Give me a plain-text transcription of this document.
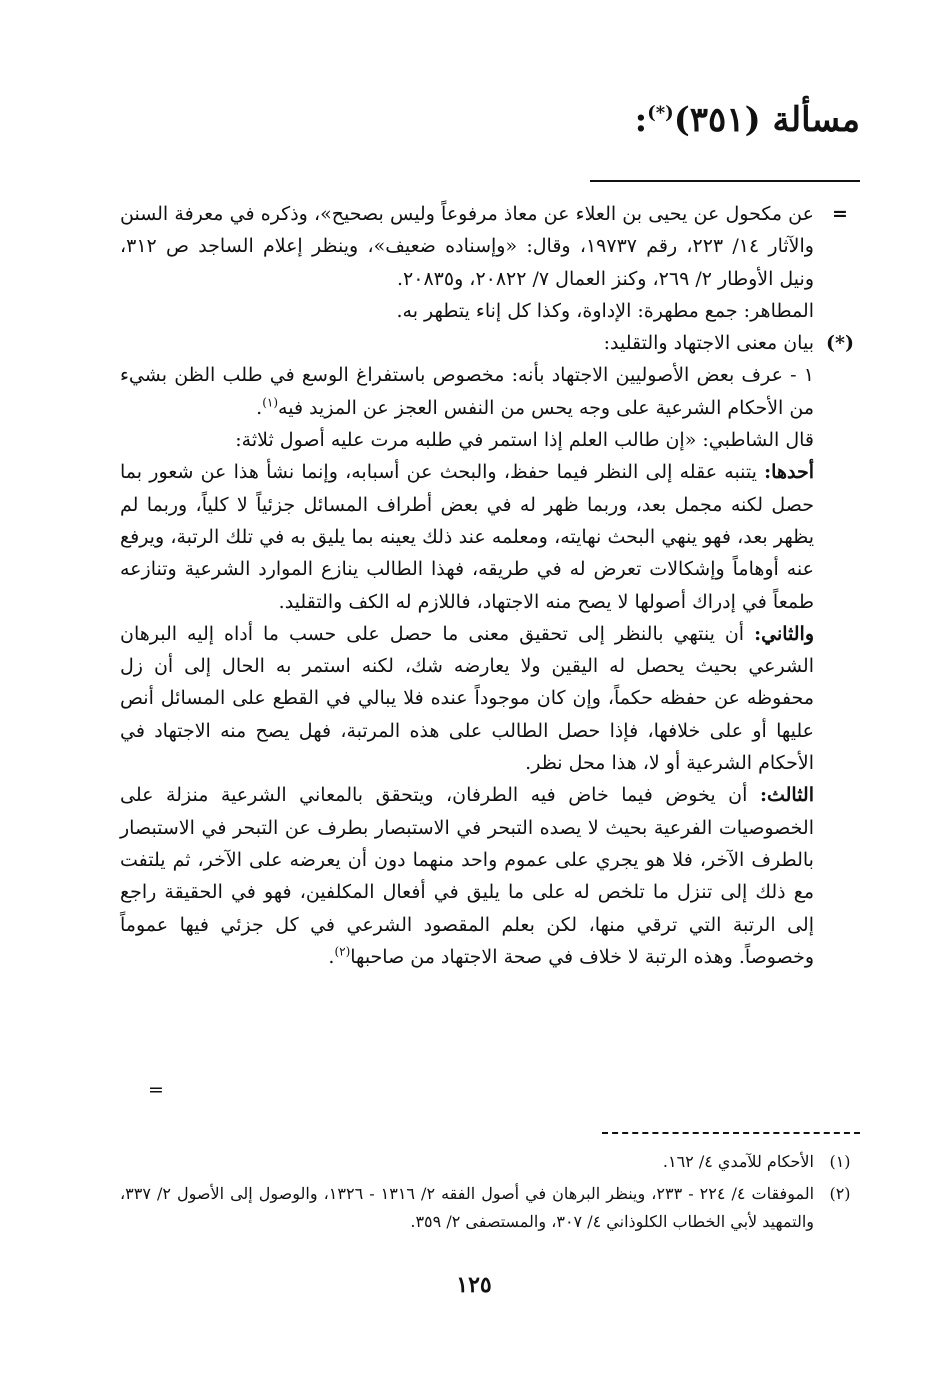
مسألة (٣٥١)(*):
=

عن مكحول عن يحيى بن العلاء عن معاذ مرفوعاً وليس بصحيح»، وذكره في معرفة السنن والآثار ١٤/ ٢٢٣، رقم ١٩٧٣٧، وقال: «وإسناده ضعيف»، وينظر إعلام الساجد ص ٣١٢، ونيل الأوطار ٢/ ٢٦٩، وكنز العمال ٧/ ٢٠٨٢٢، و٢٠٨٣٥.

المطاهر: جمع مطهرة: الإداوة، وكذا كل إناء يتطهر به.

(*)

بيان معنى الاجتهاد والتقليد:

١ - عرف بعض الأصوليين الاجتهاد بأنه: مخصوص باستفراغ الوسع في طلب الظن بشيء من الأحكام الشرعية على وجه يحس من النفس العجز عن المزيد فيه$^{(١)}$.

قال الشاطبي: «إن طالب العلم إذا استمر في طلبه مرت عليه أصول ثلاثة:

أحدها: يتنبه عقله إلى النظر فيما حفظ، والبحث عن أسبابه، وإنما نشأ هذا عن شعور بما حصل لكنه مجمل بعد، وربما ظهر له في بعض أطراف المسائل جزئياً لا كلياً، وربما لم يظهر بعد، فهو ينهي البحث نهايته، ومعلمه عند ذلك يعينه بما يليق به في تلك الرتبة، ويرفع عنه أوهاماً وإشكالات تعرض له في طريقه، فهذا الطالب ينازع الموارد الشرعية وتنازعه طمعاً في إدراك أصولها لا يصح منه الاجتهاد، فاللازم له الكف والتقليد.

والثاني: أن ينتهي بالنظر إلى تحقيق معنى ما حصل على حسب ما أداه إليه البرهان الشرعي بحيث يحصل له اليقين ولا يعارضه شك، لكنه استمر به الحال إلى أن زل محفوظه عن حفظه حكماً، وإن كان موجوداً عنده فلا يبالي في القطع على المسائل أنص عليها أو على خلافها، فإذا حصل الطالب على هذه المرتبة، فهل يصح منه الاجتهاد في الأحكام الشرعية أو لا، هذا محل نظر.

الثالث: أن يخوض فيما خاض فيه الطرفان، ويتحقق بالمعاني الشرعية منزلة على الخصوصيات الفرعية بحيث لا يصده التبحر في الاستبصار بطرف عن التبحر في الاستبصار بالطرف الآخر، فلا هو يجري على عموم واحد منهما دون أن يعرضه على الآخر، ثم يلتفت مع ذلك إلى تنزل ما تلخص له على ما يليق في أفعال المكلفين، فهو في الحقيقة راجع إلى الرتبة التي ترقي منها، لكن بعلم المقصود الشرعي في كل جزئي فيها عموماً وخصوصاً. وهذه الرتبة لا خلاف في صحة الاجتهاد من صاحبها$^{(٢)}$.

=

(١)
الأحكام للآمدي ٤/ ١٦٢.

(٢)
الموفقات ٤/ ٢٢٤ - ٢٣٣، وينظر البرهان في أصول الفقه ٢/ ١٣١٦ - ١٣٢٦، والوصول إلى الأصول ٢/ ٣٣٧، والتمهيد لأبي الخطاب الكلوذاني ٤/ ٣٠٧، والمستصفى ٢/ ٣٥٩.

١٢٥
